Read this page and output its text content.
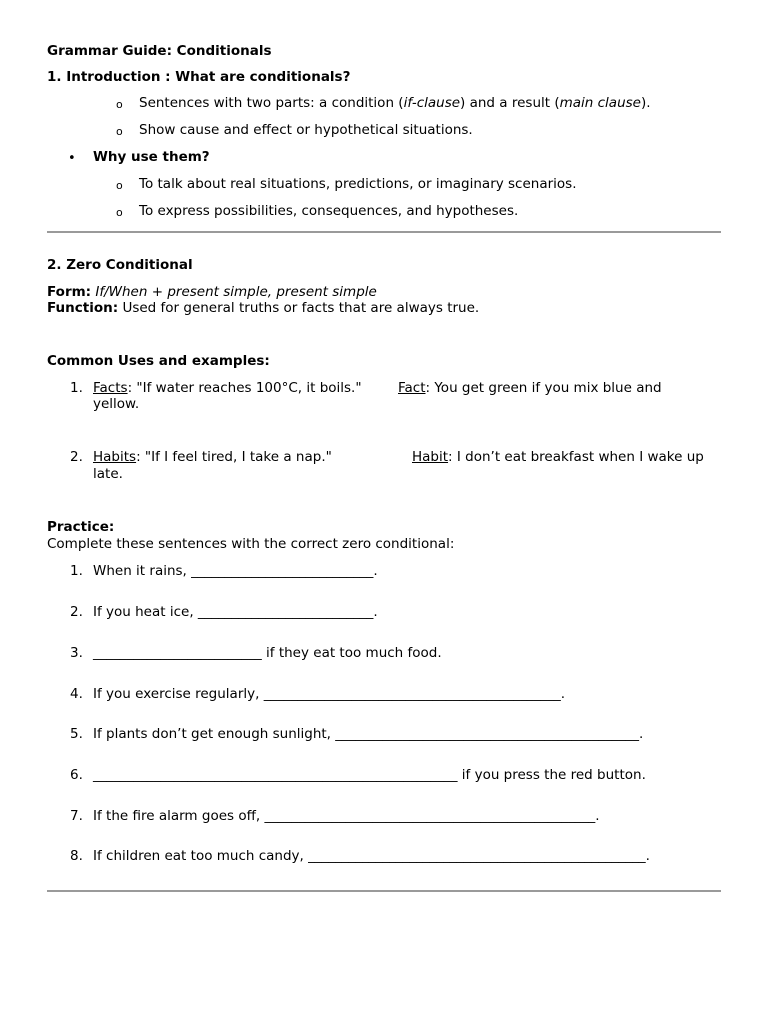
Grammar Guide: Conditionals
1. Introduction : What are conditionals?
o Sentences with two parts: a condition (if-clause) and a result (main clause).
o Show cause and effect or hypothetical situations.
• Why use them?
o To talk about real situations, predictions, or imaginary scenarios.
o To express possibilities, consequences, and hypotheses.
2. Zero Conditional
Form: If/When + present simple, present simple
Function: Used for general truths or facts that are always true.
Common Uses and examples:
1. Facts: "If water reaches 100°C, it boils."	Fact: You get green if you mix blue and
yellow.
2. Habits: "If I feel tired, I take a nap."	Habit: I don’t eat breakfast when I wake up
late.
Practice:
Complete these sentences with the correct zero conditional:
1. When it rains, ___________________________.
2. If you heat ice, __________________________.
3. _________________________ if they eat too much food.
4. If you exercise regularly, ____________________________________________.
5. If plants don’t get enough sunlight, _____________________________________________.
6. ______________________________________________________ if you press the red button.
7. If the fire alarm goes off, _________________________________________________.
8. If children eat too much candy, __________________________________________________.
